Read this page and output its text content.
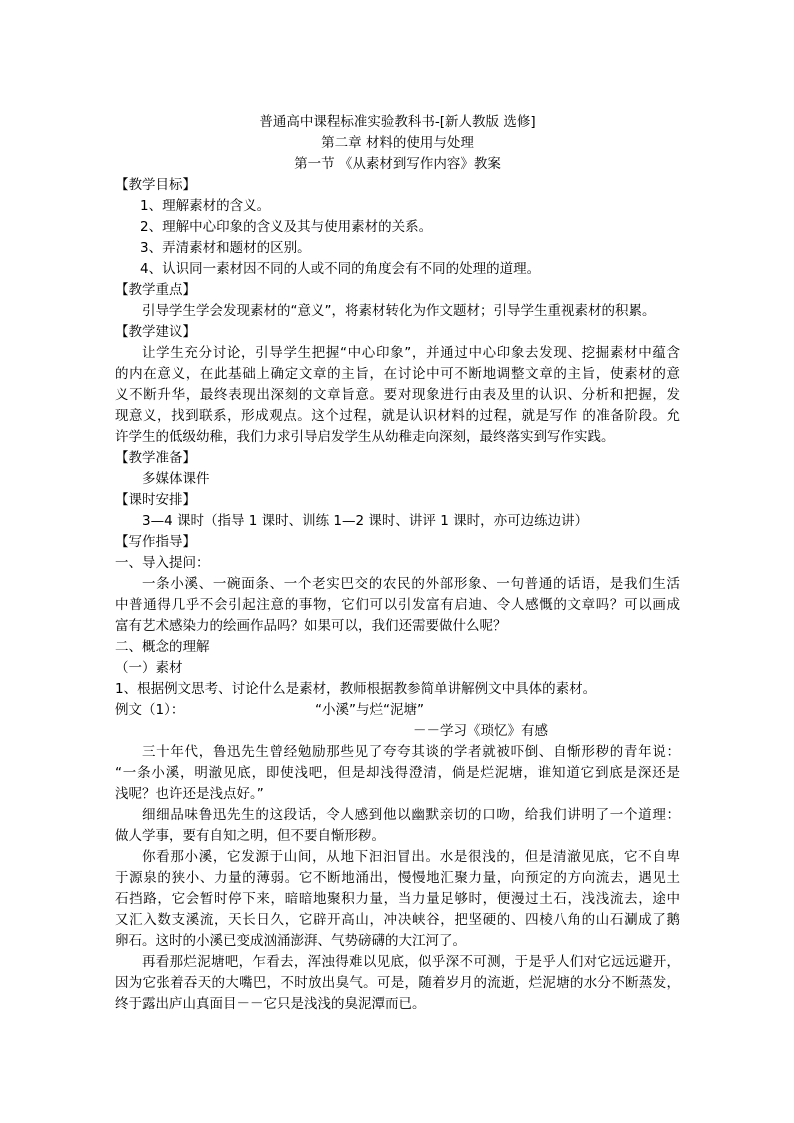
普通高中课程标准实验教科书-[新人教版 选修]
第二章 材料的使用与处理
第一节 《从素材到写作内容》教案
【教学目标】
1、理解素材的含义。
2、理解中心印象的含义及其与使用素材的关系。
3、弄清素材和题材的区别。
4、认识同一素材因不同的人或不同的角度会有不同的处理的道理。
【教学重点】
引导学生学会发现素材的“意义”，将素材转化为作文题材；引导学生重视素材的积累。
【教学建议】
让学生充分讨论，引导学生把握“中心印象”，并通过中心印象去发现、挖掘素材中蕴含
的内在意义，在此基础上确定文章的主旨，在讨论中可不断地调整文章的主旨，使素材的意
义不断升华，最终表现出深刻的文章旨意。要对现象进行由表及里的认识、分析和把握，发
现意义，找到联系，形成观点。这个过程，就是认识材料的过程，就是写作 的准备阶段。允
许学生的低级幼稚，我们力求引导启发学生从幼稚走向深刻，最终落实到写作实践。
【教学准备】
多媒体课件
【课时安排】
3—4 课时（指导 1 课时、训练 1—2 课时、讲评 1 课时，亦可边练边讲）
【写作指导】
一、导入提问：
一条小溪、一碗面条、一个老实巴交的农民的外部形象、一句普通的话语，是我们生活
中普通得几乎不会引起注意的事物，它们可以引发富有启迪、令人感慨的文章吗？可以画成
富有艺术感染力的绘画作品吗？如果可以，我们还需要做什么呢？
二、概念的理解
（一）素材
1、根据例文思考、讨论什么是素材，教师根据教参简单讲解例文中具体的素材。
例文（1）：	“小溪”与烂“泥塘”
－－学习《琐忆》有感
三十年代，鲁迅先生曾经勉励那些见了夸夸其谈的学者就被吓倒、自惭形秽的青年说：
“一条小溪，明澈见底，即使浅吧，但是却浅得澄清，倘是烂泥塘，谁知道它到底是深还是
浅呢？也许还是浅点好。”
细细品味鲁迅先生的这段话，令人感到他以幽默亲切的口吻，给我们讲明了一个道理：
做人学事，要有自知之明，但不要自惭形秽。
你看那小溪，它发源于山间，从地下汩汩冒出。水是很浅的，但是清澈见底，它不自卑
于源泉的狭小、力量的薄弱。它不断地涌出，慢慢地汇聚力量，向预定的方向流去，遇见土
石挡路，它会暂时停下来，暗暗地聚积力量，当力量足够时，便漫过土石，浅浅流去，途中
又汇入数支溪流，天长日久，它辟开高山，冲决峡谷，把坚硬的、四棱八角的山石涮成了鹅
卵石。这时的小溪已变成汹涌澎湃、气势磅礴的大江河了。
再看那烂泥塘吧，乍看去，浑浊得难以见底，似乎深不可测，于是乎人们对它远远避开，
因为它张着吞天的大嘴巴，不时放出臭气。可是，随着岁月的流逝，烂泥塘的水分不断蒸发，
终于露出庐山真面目－－它只是浅浅的臭泥潭而已。
